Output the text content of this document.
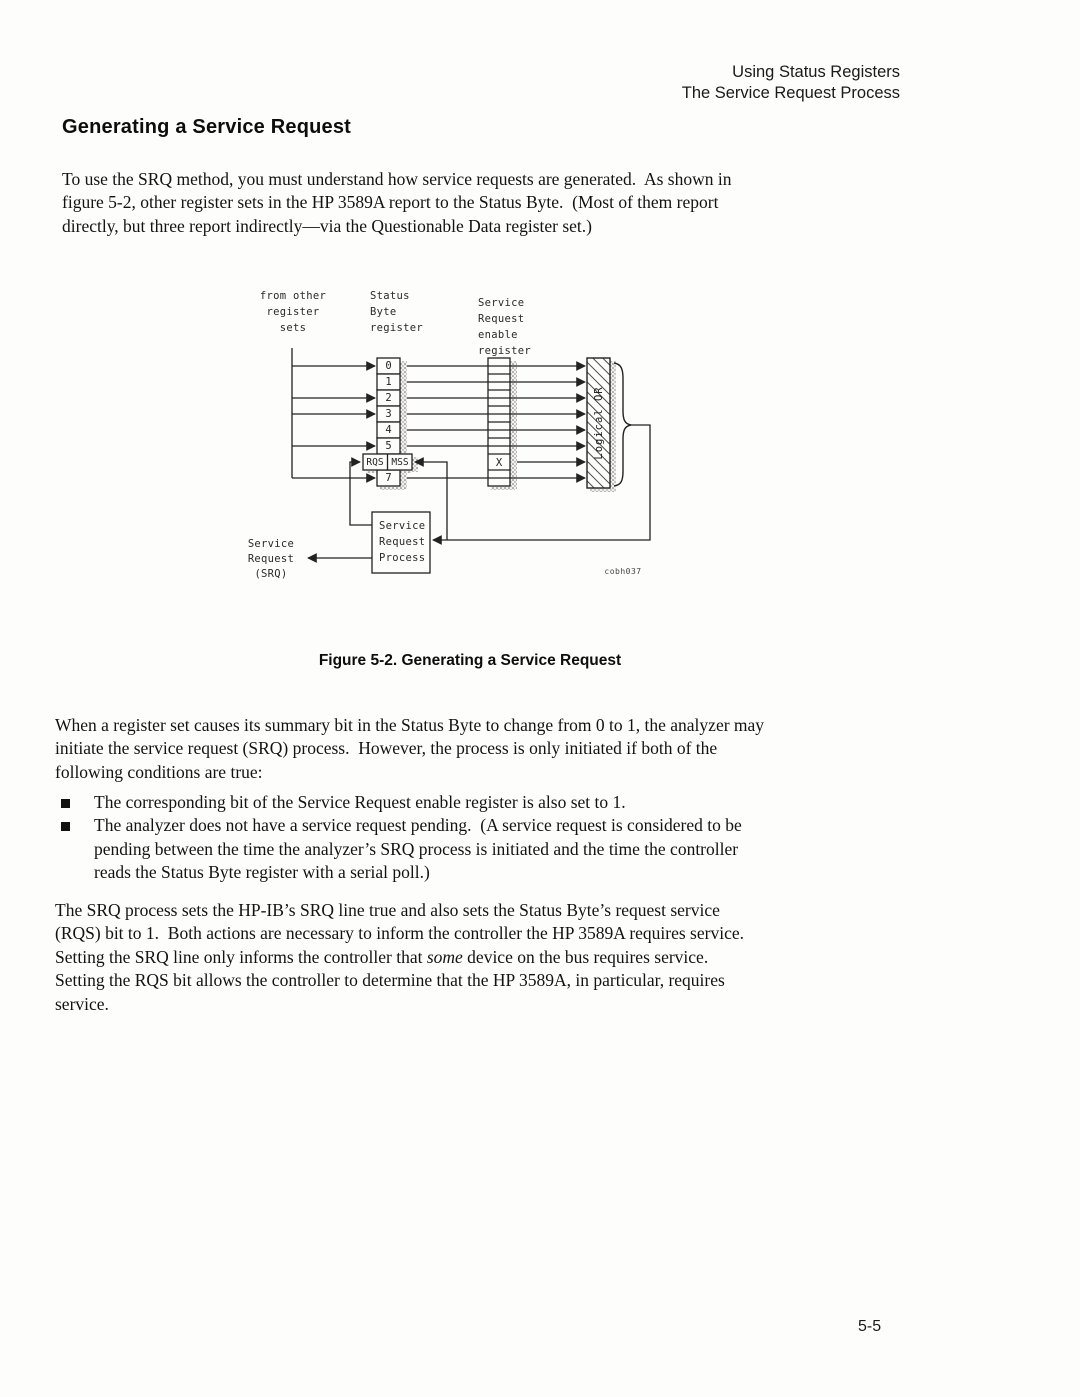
Using Status Registers
The Service Request Process
Generating a Service Request
To use the SRQ method, you must understand how service requests are generated.  As shown in
figure 5-2, other register sets in the HP 3589A report to the Status Byte.  (Most of them report
directly, but three report indirectly—via the Questionable Data register set.)
Logical OR
from other
register
sets
Status
Byte
register
Service
Request
enable
register
0
1
2
3
4
5
7
RQS MSS	X
Service
Request
Process
Service
Request
(SRQ)	cobh037
Figure 5-2. Generating a Service Request
When a register set causes its summary bit in the Status Byte to change from 0 to 1, the analyzer may
initiate the service request (SRQ) process.  However, the process is only initiated if both of the
following conditions are true:
The corresponding bit of the Service Request enable register is also set to 1.
The analyzer does not have a service request pending.  (A service request is considered to be
pending between the time the analyzer’s SRQ process is initiated and the time the controller
reads the Status Byte register with a serial poll.)
The SRQ process sets the HP-IB’s SRQ line true and also sets the Status Byte’s request service
(RQS) bit to 1.  Both actions are necessary to inform the controller the HP 3589A requires service.
Setting the SRQ line only informs the controller that some device on the bus requires service.
Setting the RQS bit allows the controller to determine that the HP 3589A, in particular, requires
service.
5-5
